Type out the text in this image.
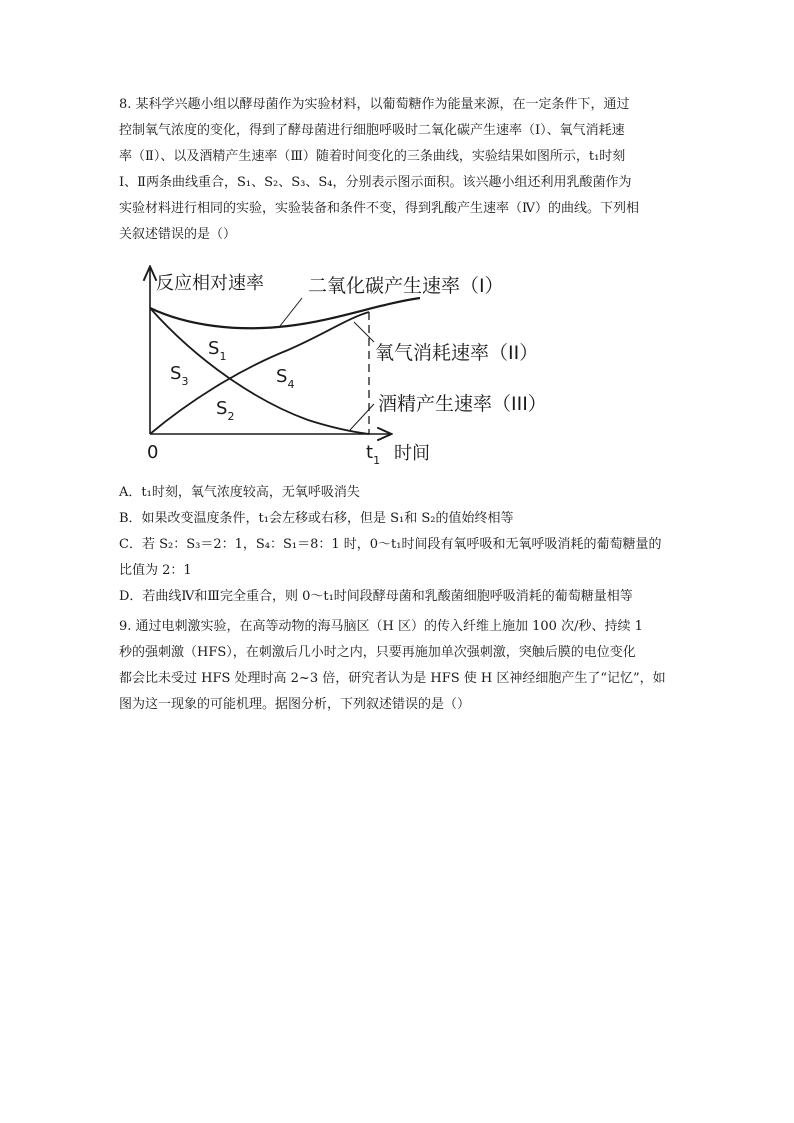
8. 某科学兴趣小组以酵母菌作为实验材料，以葡萄糖作为能量来源，在一定条件下，通过
控制氧气浓度的变化，得到了酵母菌进行细胞呼吸时二氧化碳产生速率（Ⅰ）、氧气消耗速
率（Ⅱ）、以及酒精产生速率（Ⅲ）随着时间变化的三条曲线，实验结果如图所示，t₁时刻
Ⅰ、Ⅱ两条曲线重合，S₁、S₂、S₃、S₄，分别表示图示面积。该兴趣小组还利用乳酸菌作为
实验材料进行相同的实验，实验装备和条件不变，得到乳酸产生速率（Ⅳ）的曲线。下列相
关叙述错误的是（）
反应相对速率 二氧化碳产生速率（I）
氧气消耗速率（II）
酒精产生速率（III）
0	时间
$t_1$
$S_1$
$S_2$
$S_3$	$S_4$
A．t₁时刻，氧气浓度较高，无氧呼吸消失
B．如果改变温度条件，t₁会左移或右移，但是 S₁和 S₂的值始终相等
C．若 S₂：S₃＝2：1，S₄：S₁＝8：1 时，0～t₁时间段有氧呼吸和无氧呼吸消耗的葡萄糖量的
比值为 2：1
D．若曲线Ⅳ和Ⅲ完全重合，则 0～t₁时间段酵母菌和乳酸菌细胞呼吸消耗的葡萄糖量相等
9. 通过电刺激实验，在高等动物的海马脑区（H 区）的传入纤维上施加 100 次/秒、持续 1
秒的强刺激（HFS），在刺激后几小时之内，只要再施加单次强刺激，突触后膜的电位变化
都会比未受过 HFS 处理时高 2~3 倍，研究者认为是 HFS 使 H 区神经细胞产生了“记忆”，如
图为这一现象的可能机理。据图分析，下列叙述错误的是（）
